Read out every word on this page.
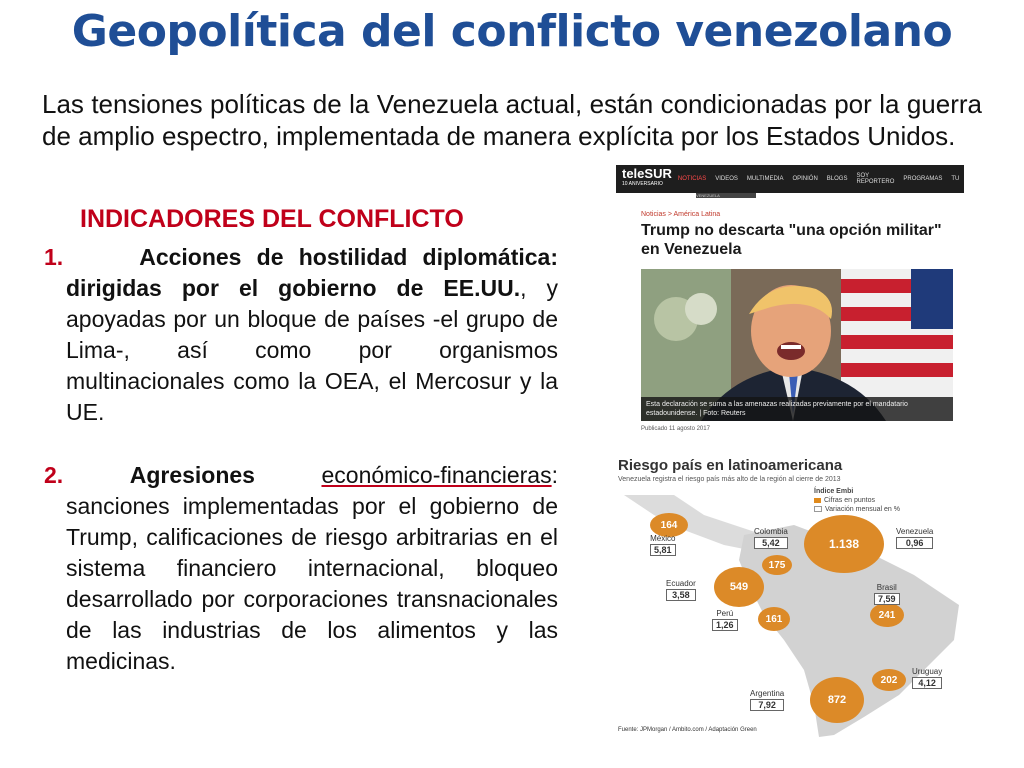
Geopolítica del conflicto venezolano
Las tensiones políticas de la Venezuela actual, están condicionadas por la guerra de amplio espectro, implementada de manera explícita por los Estados Unidos.
INDICADORES DEL CONFLICTO
1.	Acciones de hostilidad diplomática: dirigidas por el gobierno de EE.UU., y apoyadas por un bloque de países -el grupo de Lima-, así como por organismos multinacionales como la OEA, el Mercosur y la UE.
2.	Agresiones	económico-financieras: sanciones implementadas por el gobierno de Trump, calificaciones de riesgo arbitrarias en el sistema financiero internacional, bloqueo desarrollado por corporaciones transnacionales de las industrias de los alimentos y las medicinas.
teleSUR
10 ANIVERSARIO
NOTICIAS VIDEOS MULTIMEDIA OPINIÓN BLOGS SOY REPORTERO PROGRAMAS TU
VENEZUELA
Noticias > América Latina
Trump no descarta "una opción militar" en Venezuela
Esta declaración se suma a las amenazas realizadas previamente por el mandatario estadounidense. | Foto: Reuters
Publicado 11 agosto 2017
Riesgo país en latinoamericana
Venezuela registra el riesgo país más alto de la región al cierre de 2013
Índice Embi
Cifras en puntos
Variación mensual en %
164
México
5,81
175
Colombia
5,42	1.138
Venezuela
0,96
549
Ecuador
3,58
161
Perú
1,26
241
Brasil
7,59
202
Uruguay
4,12
872
Argentina
7,92
Fuente: JPMorgan / Ambito.com / Adaptación Green
